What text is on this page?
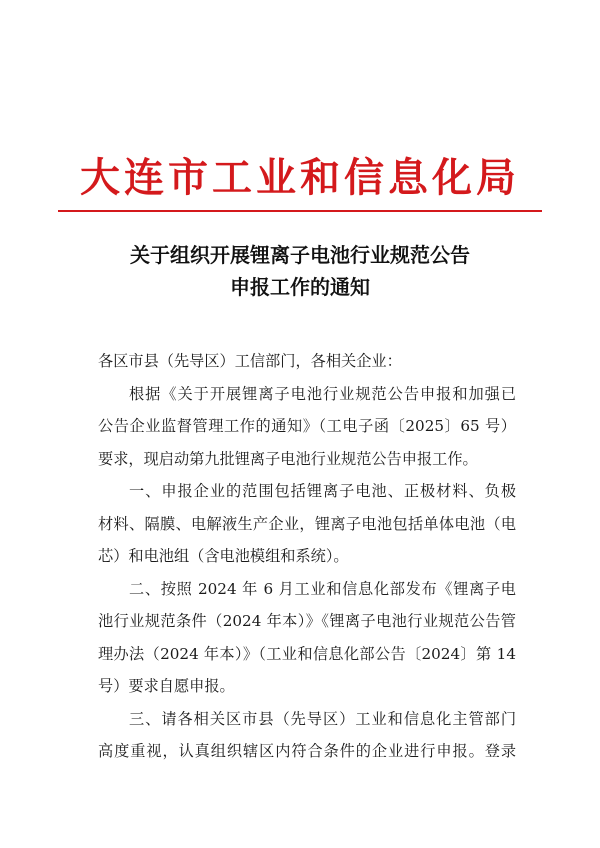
大连市工业和信息化局
关于组织开展锂离子电池行业规范公告
申报工作的通知
各区市县（先导区）工信部门，各相关企业：
根据《关于开展锂离子电池行业规范公告申报和加强已
公告企业监督管理工作的通知》（工电子函〔2025〕65 号）
要求，现启动第九批锂离子电池行业规范公告申报工作。
一、申报企业的范围包括锂离子电池、正极材料、负极
材料、隔膜、电解液生产企业，锂离子电池包括单体电池（电
芯）和电池组（含电池模组和系统）。
二、按照 2024 年 6 月工业和信息化部发布《锂离子电
池行业规范条件（2024 年本）》《锂离子电池行业规范公告管
理办法（2024 年本）》（工业和信息化部公告〔2024〕第 14
号）要求自愿申报。
三、请各相关区市县（先导区）工业和信息化主管部门
高度重视，认真组织辖区内符合条件的企业进行申报。登录
